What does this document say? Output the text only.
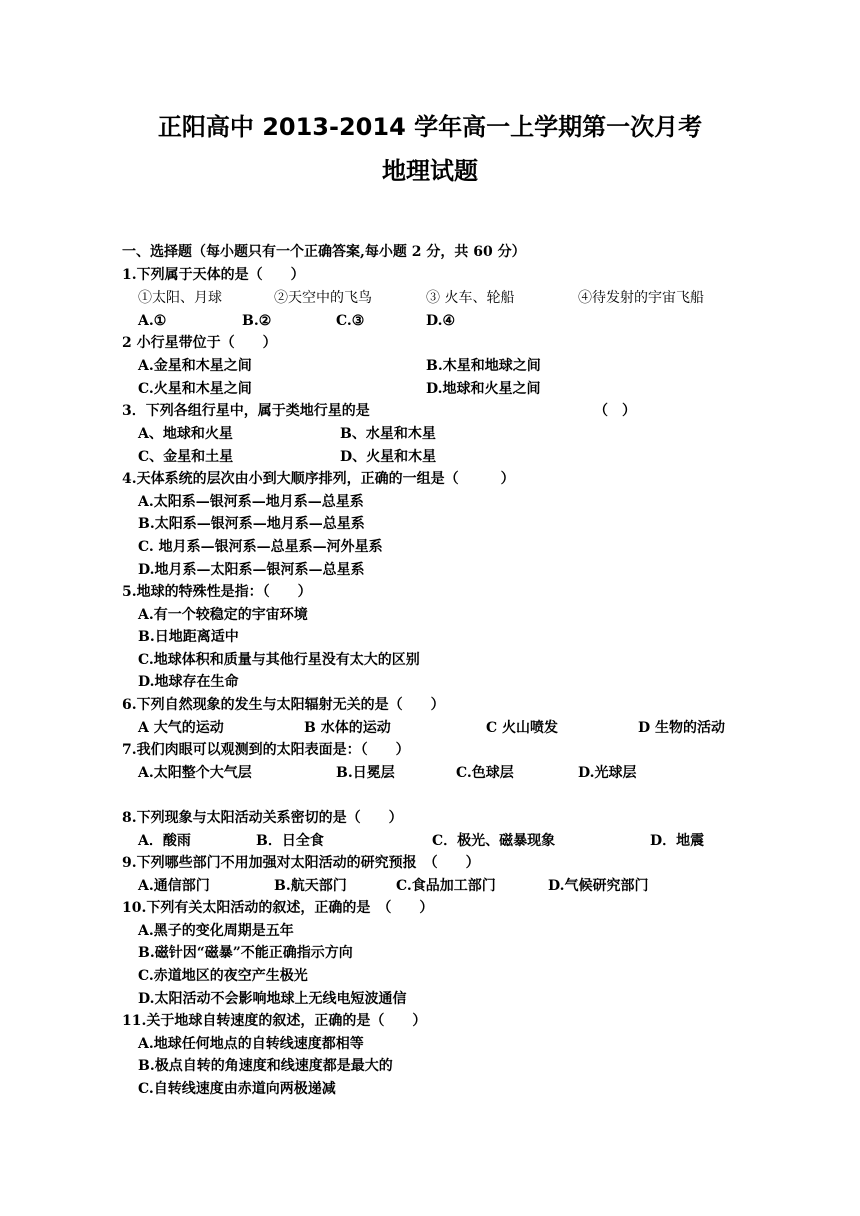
正阳高中 2013-2014 学年高一上学期第一次月考
地理试题
一、选择题（每小题只有一个正确答案,每小题 2 分，共 60 分）
1.下列属于天体的是（　　）
①太阳、月球	②天空中的飞鸟	③ 火车、轮船	④待发射的宇宙飞船
A.①	B.②	C.③	D.④
2 小行星带位于（　　）
A.金星和木星之间	B.木星和地球之间
C.火星和木星之间	D.地球和火星之间
3．下列各组行星中，属于类地行星的是	（　）
A、地球和火星	B、水星和木星
C、金星和土星	D、火星和木星
4.天体系统的层次由小到大顺序排列，正确的一组是（　　　）
A.太阳系—银河系—地月系—总星系
B.太阳系—银河系—地月系—总星系
C. 地月系—银河系—总星系—河外星系
D.地月系—太阳系—银河系—总星系
5.地球的特殊性是指：（　　）
A.有一个较稳定的宇宙环境
B.日地距离适中
C.地球体积和质量与其他行星没有太大的区别
D.地球存在生命
6.下列自然现象的发生与太阳辐射无关的是（　　）
A 大气的运动	B 水体的运动	C 火山喷发	D 生物的活动
7.我们肉眼可以观测到的太阳表面是：（　　）
A.太阳整个大气层	B.日冕层	C.色球层	D.光球层
8.下列现象与太阳活动关系密切的是（　　）
A．酸雨	B．日全食	C．极光、磁暴现象	D．地震
9.下列哪些部门不用加强对太阳活动的研究预报　（　　）
A.通信部门	B.航天部门	C.食品加工部门	D.气候研究部门
10.下列有关太阳活动的叙述，正确的是　（　　）
A.黑子的变化周期是五年
B.磁针因“磁暴”不能正确指示方向
C.赤道地区的夜空产生极光
D.太阳活动不会影响地球上无线电短波通信
11.关于地球自转速度的叙述，正确的是（　　）
A.地球任何地点的自转线速度都相等
B.极点自转的角速度和线速度都是最大的
C.自转线速度由赤道向两极递减
